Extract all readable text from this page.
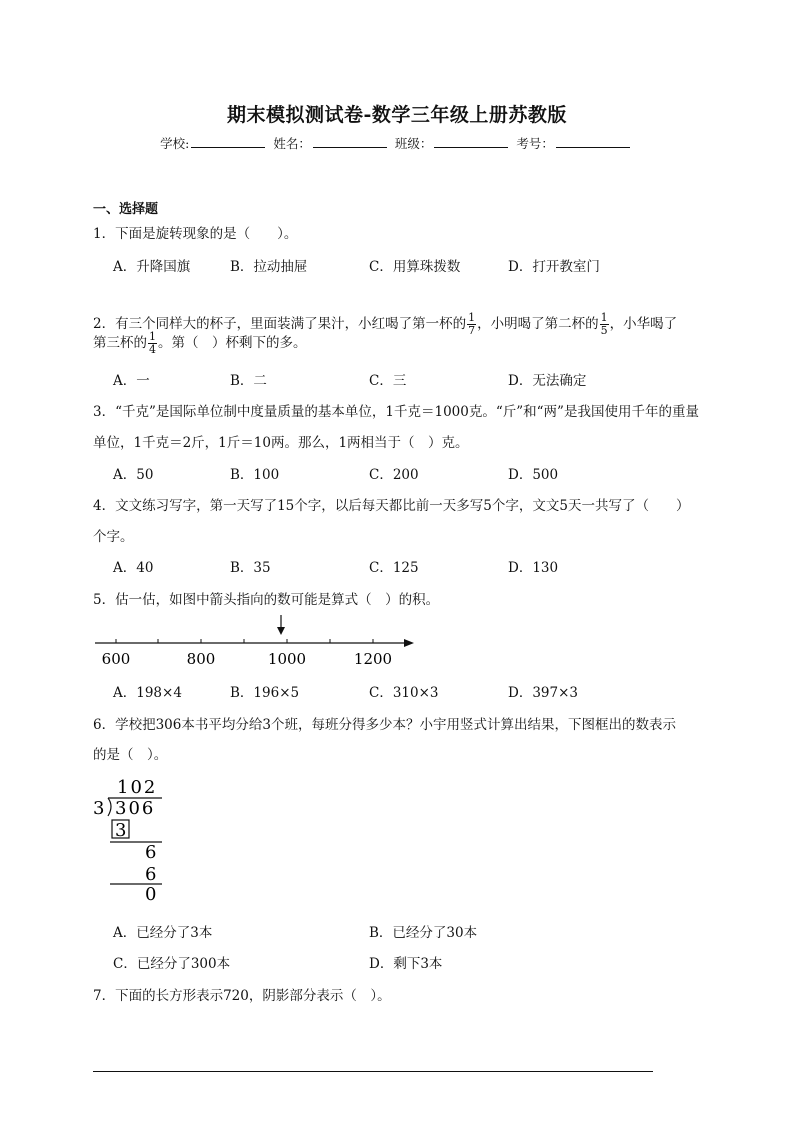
期末模拟测试卷-数学三年级上册苏教版
学校:	姓名：	班级：	考号：
一、选择题
1．下面是旋转现象的是（　　）。
A．升降国旗	B．拉动抽屉	C．用算珠拨数	D．打开教室门
2．有三个同样大的杯子，里面装满了果汁，小红喝了第一杯的 $\frac{1}{7}$ ，小明喝了第二杯的 $\frac{1}{5}$ ，小华喝了
第三杯的 $\frac{1}{4}$ 。第（　）杯剩下的多。
A．一	B．二	C．三	D．无法确定
3．“千克”是国际单位制中度量质量的基本单位，1千克＝1000克。“斤”和“两”是我国使用千年的重量
单位，1千克＝2斤，1斤＝10两。那么，1两相当于（　）克。
A．50	B．100	C．200	D．500
4．文文练习写字，第一天写了15个字，以后每天都比前一天多写5个字，文文5天一共写了（　　）
个字。
A．40	B．35	C．125	D．130
5．估一估，如图中箭头指向的数可能是算式（　）的积。
600	800	1000	1200
A．198×4	B．196×5	C．310×3	D．397×3
6．学校把306本书平均分给3个班，每班分得多少本？小宇用竖式计算出结果，下图框出的数表示
的是（　）。
102
3 306
3
6
6
0
A．已经分了3本	B．已经分了30本
C．已经分了300本	D．剩下3本
7．下面的长方形表示720，阴影部分表示（　）。
